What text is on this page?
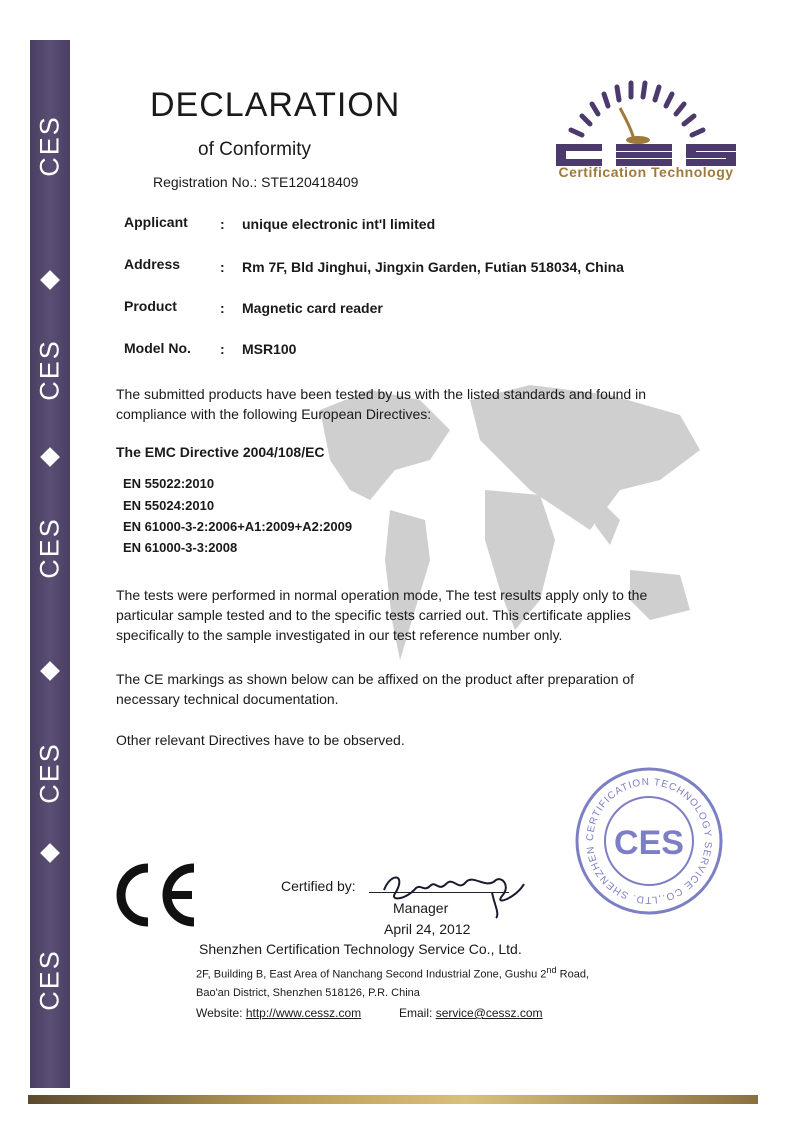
CES
CES
CES
CES
CES
DECLARATION
of Conformity
Registration No.: STE120418409
Certification Technology
Applicant : unique electronic int'l limited
Address	: Rm 7F, Bld Jinghui, Jingxin Garden, Futian 518034, China
Product	: Magnetic card reader
Model No. : MSR100
The submitted products have been tested by us with the listed standards and found in
compliance with the following European Directives:
The EMC Directive 2004/108/EC
EN 55022:2010
EN 55024:2010
EN 61000-3-2:2006+A1:2009+A2:2009
EN 61000-3-3:2008
The tests were performed in normal operation mode, The test results apply only to the
particular sample tested and to the specific tests carried out. This certificate applies
specifically to the sample investigated in our test reference number only.
The CE markings as shown below can be affixed on the product after preparation of
necessary technical documentation.
Other relevant Directives have to be observed.
CERTIFICATION TECHNOLOGY SERVICE CO.,LTD. SHENZHEN CES
Certified by:
Manager
April 24, 2012
Shenzhen Certification Technology Service Co., Ltd.
2F, Building B, East Area of Nanchang Second Industrial Zone, Gushu 2nd Road,
Bao'an District, Shenzhen 518126, P.R. China
Website: http://www.cessz.com	Email: service@cessz.com
